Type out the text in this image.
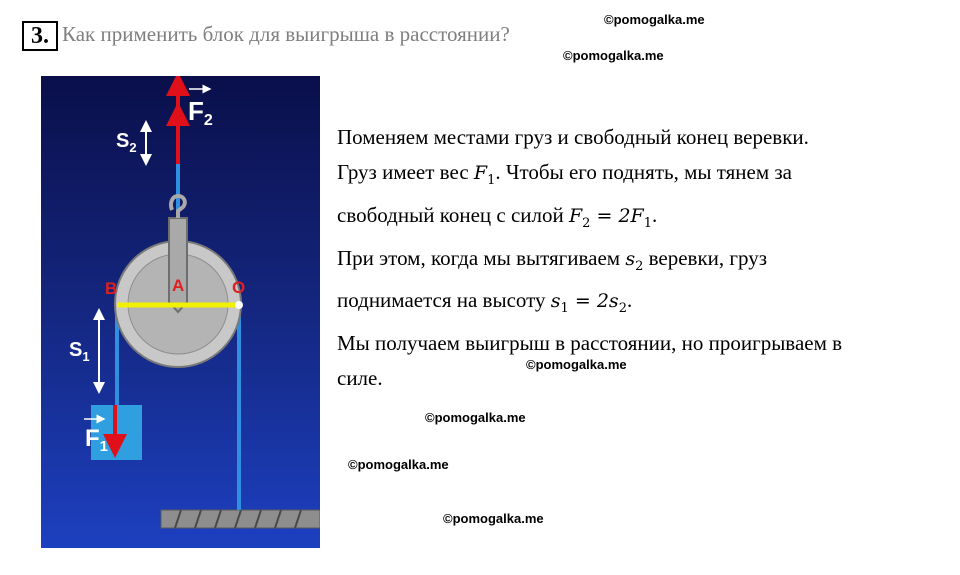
3. Как применить блок для выигрыша в расстоянии?
©pomogalka.me
©pomogalka.me
©pomogalka.me
©pomogalka.me
©pomogalka.me
©pomogalka.me
F2
$S_2$
$S_1$
$F_1$
B	A	O
Поменяем местами груз и свободный конец веревки.
Груз имеет вес $F_1$. Чтобы его поднять, мы тянем за
свободный конец с силой $F_2 = 2F_1$.
При этом, когда мы вытягиваем $s_2$ веревки, груз
поднимается на высоту $s_1 = 2s_2$.
Мы получаем выигрыш в расстоянии, но проигрываем в
силе.
